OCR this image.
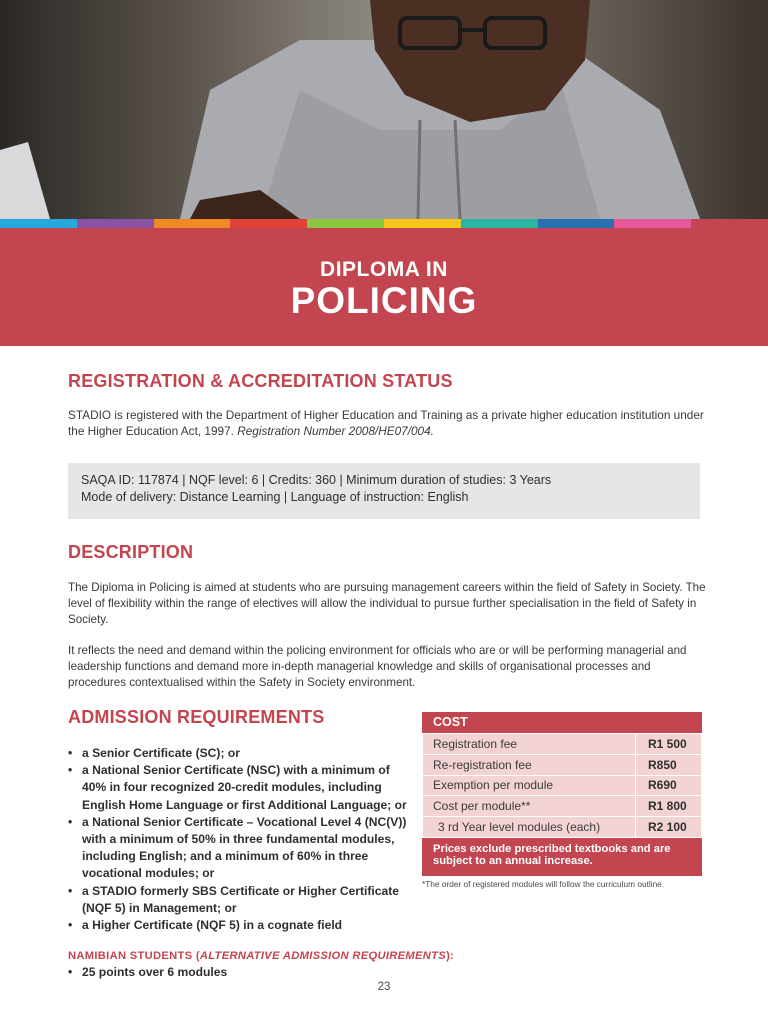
DIPLOMA IN
POLICING
REGISTRATION & ACCREDITATION STATUS

STADIO is registered with the Department of Higher Education and Training as a private higher education institution under the Higher Education Act, 1997. Registration Number 2008/HE07/004.

SAQA ID: 117874 | NQF level: 6 | Credits: 360 | Minimum duration of studies: 3 Years
Mode of delivery: Distance Learning | Language of instruction: English
DESCRIPTION

The Diploma in Policing is aimed at students who are pursuing management careers within the field of Safety in Society. The level of flexibility within the range of electives will allow the individual to pursue further specialisation in the field of Safety in Society.

It reflects the need and demand within the policing environment for officials who are or will be performing managerial and leadership functions and demand more in-depth managerial knowledge and skills of organisational processes and procedures contextualised within the Safety in Society environment.

ADMISSION REQUIREMENTS
• a Senior Certificate (SC); or
• a National Senior Certificate (NSC) with a minimum of 40% in four recognized 20-credit modules, including English Home Language or first Additional Language; or
• a National Senior Certificate – Vocational Level 4 (NC(V)) with a minimum of 50% in three fundamental modules, including English; and a minimum of 60% in three vocational modules; or
• a STADIO formerly SBS Certificate or Higher Certificate (NQF 5) in Management; or
• a Higher Certificate (NQF 5) in a cognate field
COST
Registration fee	R1 500
Re-registration fee	R850
Exemption per module	R690
Cost per module**	R1 800
3 rd Year level modules (each)	R2 100
Prices exclude prescribed textbooks and are subject to an annual increase.
*The order of registered modules will follow the curriculum outline.
NAMIBIAN STUDENTS (ALTERNATIVE ADMISSION REQUIREMENTS):
• 25 points over 6 modules
23
